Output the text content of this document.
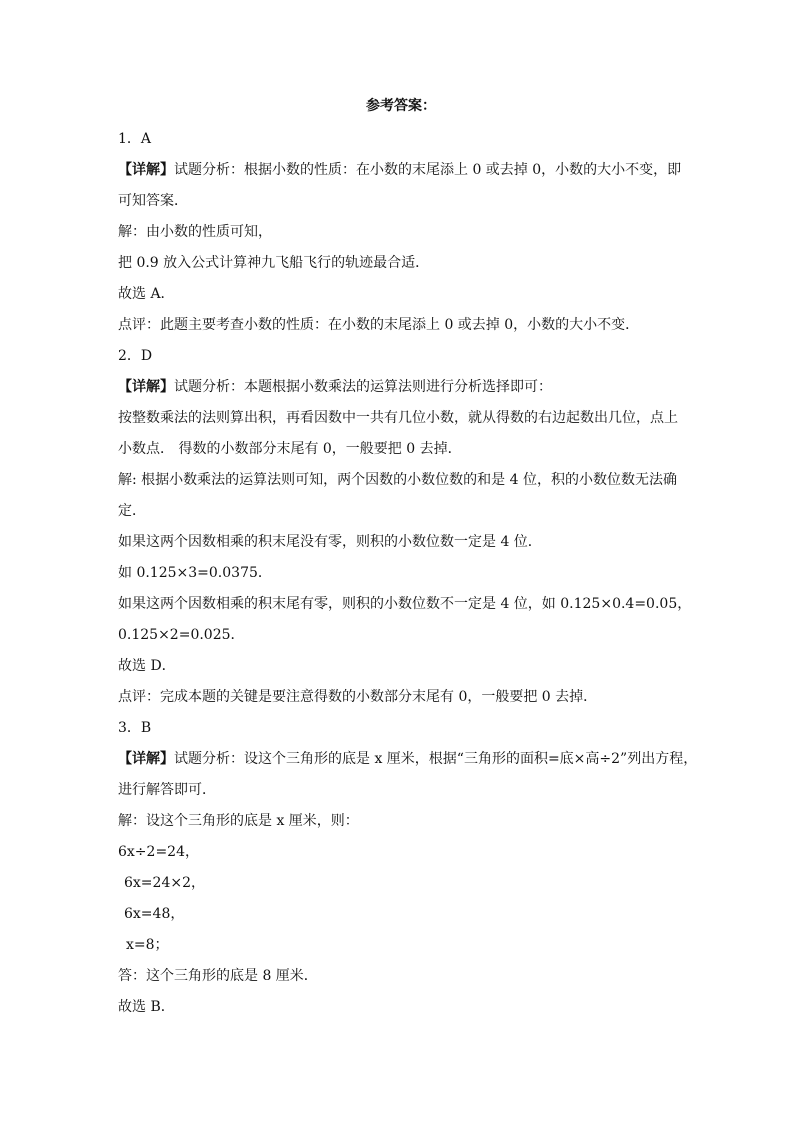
参考答案：

1．A

【详解】试题分析：根据小数的性质：在小数的末尾添上 0 或去掉 0，小数的大小不变，即

可知答案．

解：由小数的性质可知，

把 0.9 放入公式计算神九飞船飞行的轨迹最合适．

故选 A．

点评：此题主要考查小数的性质：在小数的末尾添上 0 或去掉 0，小数的大小不变．

2．D

【详解】试题分析：本题根据小数乘法的运算法则进行分析选择即可：

按整数乘法的法则算出积，再看因数中一共有几位小数，就从得数的右边起数出几位，点上

小数点． 得数的小数部分末尾有 0，一般要把 0 去掉．

解: 根据小数乘法的运算法则可知，两个因数的小数位数的和是 4 位，积的小数位数无法确

定．

如果这两个因数相乘的积末尾没有零，则积的小数位数一定是 4 位．

如 0.125×3=0.0375．

如果这两个因数相乘的积末尾有零，则积的小数位数不一定是 4 位，如 0.125×0.4=0.05，

0.125×2=0.025．

故选 D．

点评：完成本题的关键是要注意得数的小数部分末尾有 0，一般要把 0 去掉．

3．B

【详解】试题分析：设这个三角形的底是 x 厘米，根据“三角形的面积=底×高÷2”列出方程，

进行解答即可．

解：设这个三角形的底是 x 厘米，则：

6x÷2=24，

6x=24×2，

6x=48，

x=8；

答：这个三角形的底是 8 厘米．

故选 B．
